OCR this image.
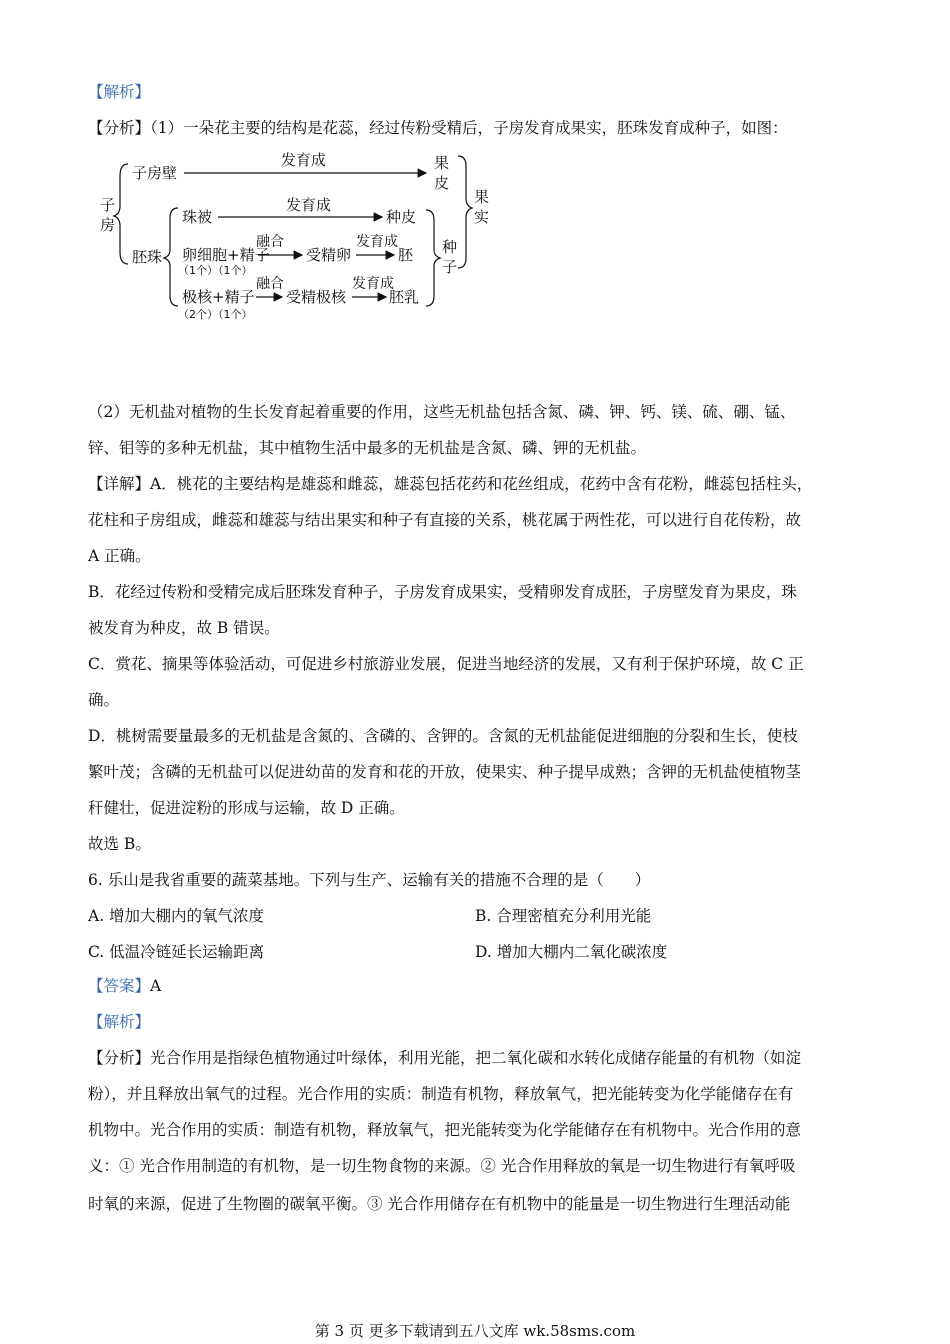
【解析】
【分析】（1）一朵花主要的结构是花蕊，经过传粉受精后，子房发育成果实，胚珠发育成种子，如图：
子
房
子房壁
发育成	果
皮
果
实
胚珠
珠被
发育成
种皮
卵细胞+精子
（1个）（1个）
融合
受精卵
发育成
胚 种
子
极核+精子
（2个）（1个）
融合
受精极核
发育成
胚乳
（2）无机盐对植物的生长发育起着重要的作用，这些无机盐包括含氮、磷、钾、钙、镁、硫、硼、锰、
锌、钼等的多种无机盐，其中植物生活中最多的无机盐是含氮、磷、钾的无机盐。
【详解】A．桃花的主要结构是雄蕊和雌蕊，雄蕊包括花药和花丝组成，花药中含有花粉，雌蕊包括柱头，
花柱和子房组成，雌蕊和雄蕊与结出果实和种子有直接的关系，桃花属于两性花，可以进行自花传粉，故
A 正确。
B．花经过传粉和受精完成后胚珠发育种子，子房发育成果实，受精卵发育成胚，子房壁发育为果皮，珠
被发育为种皮，故 B 错误。
C．赏花、摘果等体验活动，可促进乡村旅游业发展，促进当地经济的发展，又有利于保护环境，故 C 正
确。
D．桃树需要量最多的无机盐是含氮的、含磷的、含钾的。含氮的无机盐能促进细胞的分裂和生长，使枝
繁叶茂；含磷的无机盐可以促进幼苗的发育和花的开放，使果实、种子提早成熟；含钾的无机盐使植物茎
秆健壮，促进淀粉的形成与运输，故 D 正确。
故选 B。
6. 乐山是我省重要的蔬菜基地。下列与生产、运输有关的措施不合理的是（　　）
A. 增加大棚内的氧气浓度	B. 合理密植充分利用光能
C. 低温冷链延长运输距离	D. 增加大棚内二氧化碳浓度
【答案】A
【解析】
【分析】光合作用是指绿色植物通过叶绿体，利用光能，把二氧化碳和水转化成储存能量的有机物（如淀
粉），并且释放出氧气的过程。光合作用的实质：制造有机物，释放氧气，把光能转变为化学能储存在有
机物中。光合作用的实质：制造有机物，释放氧气，把光能转变为化学能储存在有机物中。光合作用的意
义：① 光合作用制造的有机物，是一切生物食物的来源。② 光合作用释放的氧是一切生物进行有氧呼吸
时氧的来源，促进了生物圈的碳氧平衡。③ 光合作用储存在有机物中的能量是一切生物进行生理活动能
第 3 页 更多下载请到五八文库 wk.58sms.com
